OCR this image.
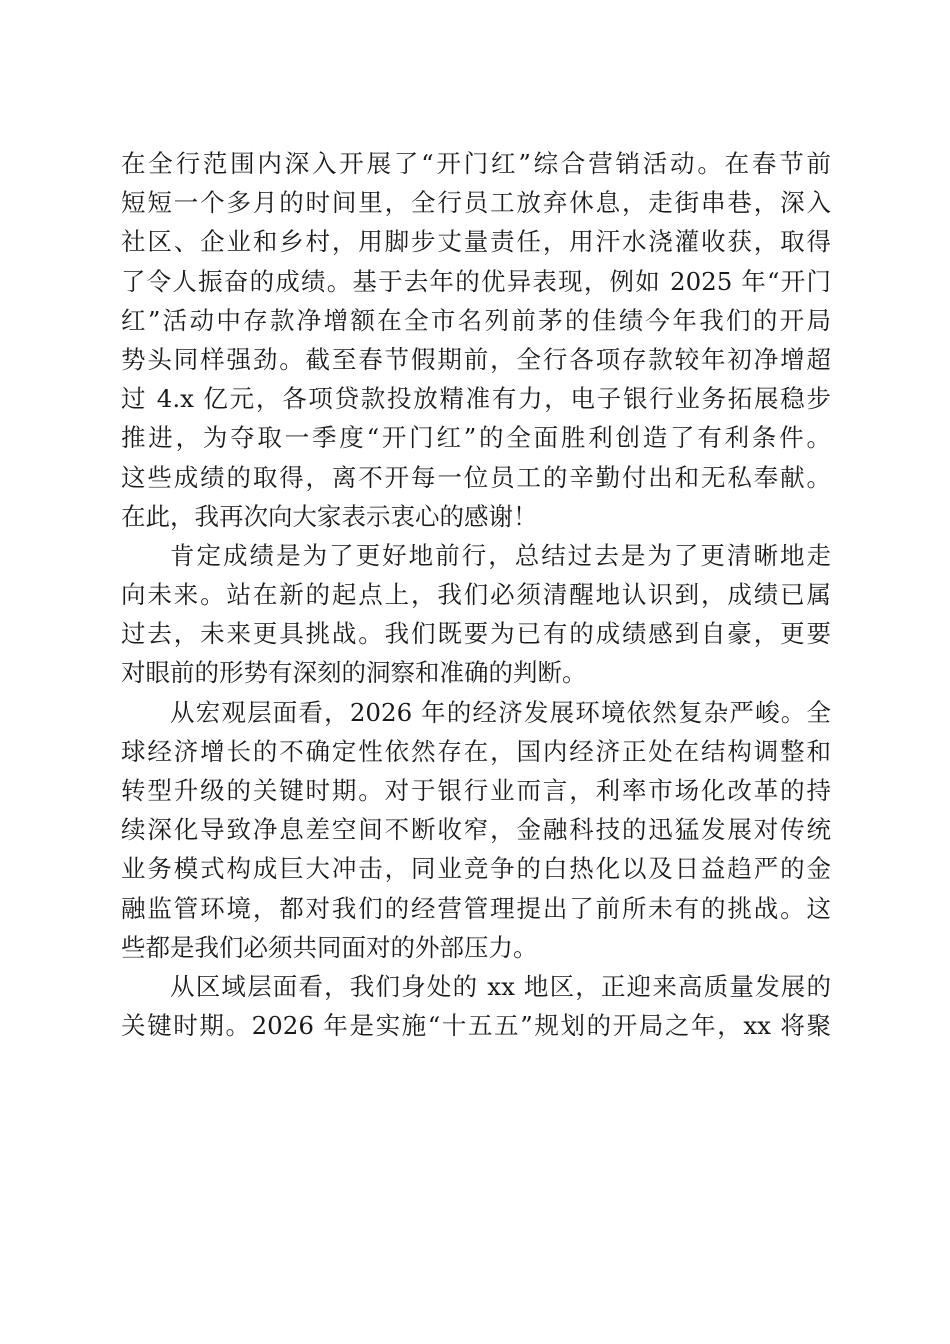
在全行范围内深入开展了“开门红”综合营销活动。在春节前
短短一个多月的时间里，全行员工放弃休息，走街串巷，深入
社区、企业和乡村，用脚步丈量责任，用汗水浇灌收获，取得
了令人振奋的成绩。基于去年的优异表现，例如 2025 年“开门
红”活动中存款净增额在全市名列前茅的佳绩今年我们的开局
势头同样强劲。截至春节假期前，全行各项存款较年初净增超
过 4.x 亿元，各项贷款投放精准有力，电子银行业务拓展稳步
推进，为夺取一季度“开门红”的全面胜利创造了有利条件。
这些成绩的取得，离不开每一位员工的辛勤付出和无私奉献。
在此，我再次向大家表示衷心的感谢！
肯定成绩是为了更好地前行，总结过去是为了更清晰地走
向未来。站在新的起点上，我们必须清醒地认识到，成绩已属
过去，未来更具挑战。我们既要为已有的成绩感到自豪，更要
对眼前的形势有深刻的洞察和准确的判断。
从宏观层面看，2026 年的经济发展环境依然复杂严峻。全
球经济增长的不确定性依然存在，国内经济正处在结构调整和
转型升级的关键时期。对于银行业而言，利率市场化改革的持
续深化导致净息差空间不断收窄，金融科技的迅猛发展对传统
业务模式构成巨大冲击，同业竞争的白热化以及日益趋严的金
融监管环境，都对我们的经营管理提出了前所未有的挑战。这
些都是我们必须共同面对的外部压力。
从区域层面看，我们身处的 xx 地区，正迎来高质量发展的
关键时期。2026 年是实施“十五五”规划的开局之年，xx 将聚
